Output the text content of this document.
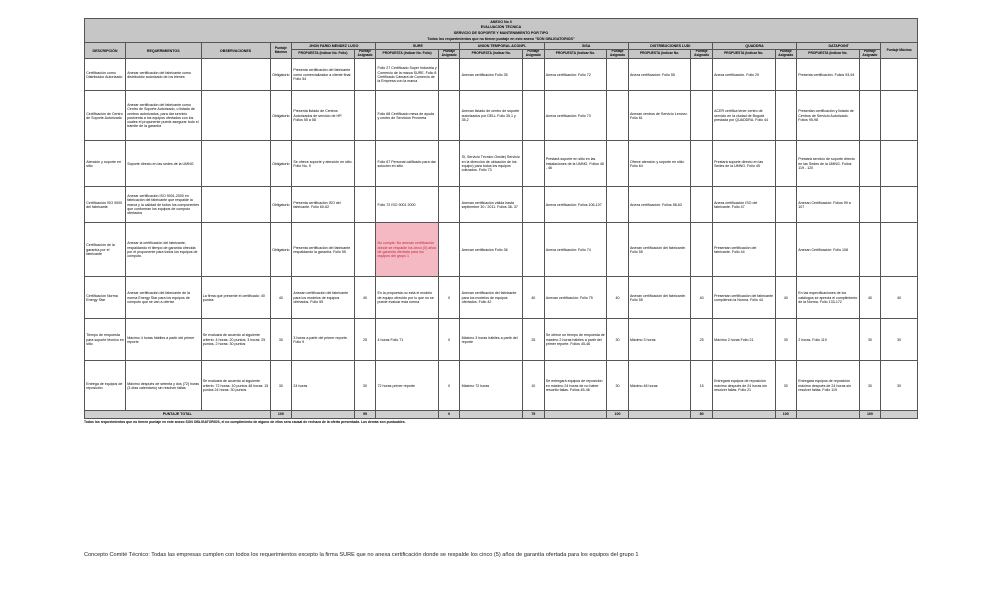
ANEXO No 3																		
EVALUACIÓN TÉCNICA																		
SERVICIO DE SOPORTE Y MANTENIMIENTO POR TIPO																		
Todos los requerimientos que no tienen puntaje en este anexo "SON OBLIGATORIOS"																		
DESCRIPCIÓN	REQUERIMIENTOS	OBSERVACIONES	Puntaje Máximo	JHON FARID MENDEZ LUGO		SURE		UNION TEMPORAL ACONFI-		SISA		DISTRIBUCIONES LUDI		QUADDRA		DATAPOINT		Puntaje Máximo
				PROPUESTA (Indicar No. Folio)	Puntaje Asignado	PROPUESTA (Indicar No. Folio)	Puntaje Asignado	PROPUESTA (Indicar No.	Puntaje Asignado	PROPUESTA (Indicar No.	Puntaje Asignado	PROPUESTA (Indicar No.	Puntaje Asignado	PROPUESTA (Indicar No.	Puntaje Asignado	PROPUESTA (Indicar No.	Puntaje Asignado	
Certificación como Distribuidor Autorizado	Anexar certificación del fabricante como distribuidor autorizado de los bienes		Obligatorio	Presenta certificación del fabricante como comercializador a cliente final. Folio 54		Folio 27 Certificado Super Industria y Comercio de la marca SURE. Folio 8 Certificado Cámara de Comercio de la Empresa con la marca		Anexan certificación Folio 35		Anexa certificación: Folio 72		Anexa certificación: Folio 55		Anexa certificación. Folio 29		Presenta certificación. Folios 93-94		
Certificación de Centro de Soporte Autorizado	Anexar certificación del fabricante como Centro de Soporte Autorizado, o listado de centros autorizados, para dar servicio postventa a los equipos ofertados con los cuales el proponente puede asegurar todo el trámite de la garantía		Obligatorio	Presenta listado de Centros Autorizados de servicio de HP. Folios 55 a 58		Folio 68 Certificado mesa de ayuda y centro de Servicios Proveeta		Anexan listado de centro de soporte autorizados por DELL Folio 35,1 y 35,2		Anexa certificación: Folio 73		Anexan centros de Servicio Lenovo: Folio 61		ACER certifica tener centro de servicio en la ciudad de Bogotá prestada por QUADDRA. Folio 44		Presentan certificación y listado de Centros de Servicio Autorizado. Folios 95-98		
Atención y soporte en sitio	Soporte directo en las sedes de la UMNG		Obligatorio	Se ofrece soporte y atención en sitio. Folio No. 9		Folio 67 Personal calificado para dar solución en sitio		SI, Servicio Técnico Onsite) Servicio en la dirección de ubicación de los equipo) para todos los equipos cotizados. Folio 73		Prestará soporte en sitio en las instalaciones de la UMNG. Folios 45 - 46		Ofrece atención y soporte en sitio: Folio 64		Prestará soporte directo en las Sedes de la UMNG. Folio 45		Prestará servicio de soporte directo en las Sedes de la UMNG. Folios 119 - 120		
Certificación ISO 9000 del fabricante	Anexar certificación ISO 9001-2000 en fabricación del fabricante que respalde la marca y la calidad de todos los componentes que conforman los equipos de computo ofertados		Obligatorio	Presenta certificación ISO del fabricante. Folio 60-62		Folio 72 ISO 9001 2000		Anexan certificación válida hasta septiembre 30 / 2011. Folios 36- 37		Anexa certificación: Folios 106-107		Anexa certificación: Folios 58-63		Anexa certificación ISO del fabricante. Folio 47		Anexan Certificación: Folios 99 a 107		
Certificación de la garantía por el fabricante	Anexar la certificación del fabricante, respaldando el tiempo de garantía ofrecida por el proponente para todos los equipos de cómputo.		Obligatorio	Presenta certificación del fabricante respaldando la garantía. Folio 55		No cumple: No anexan certificación donde se respalde los cinco (5) años de garantía ofertada para los equipos del grupo 1		Anexan certificación Folio 36		Anexa certificación: Folio 74		Anexan certificación del fabricante: Folio 55		Presentan certificación del fabricante. Folio 44		Anexan Certificación: Folio 108		
Certificación Norma Energy Star	Anexar certificación del fabricante de la norma Energy Star para los equipos de computo que se van a ofertar	La firma que presente el certificado: 40 puntos	40	Anexan certificación del fabricante para los modelos de equipos ofertados. Folio 55	40	En la propuesta no está el modelo de equipo ofrecido por lo que no se puede evaluar esta norma	0	Anexan certificación del fabricante para los modelos de equipos ofertados. Folio 42	40	Anexan certificación: Folio 75	40	Anexan certificación del fabricante: Folio 55	40	Presentan certificación del fabricante cumpliendo la Norma. Folio 44	40	En las especificaciones de los catálogos se aprecia el cumplimiento de la Norma. Folio 133-172	40	40
Tiempo de respuesta para soporte técnico en sitio	Máximo 4 horas hábiles a partir del primer reporte	Se evaluará de acuerdo al siguiente criterio: 4 horas: 20 puntos; 3 horas: 25 puntos, 2 horas: 30 puntos	30	3 horas a partir del primer reporte. Folio 9	25	4 horas Folio 71	0	Máximo 3 horas hábiles a partir del reporte	25	Se ofrece un tiempo de respuesta de máximo 2 horas hábiles a partir del primer reporte. Folios 45-46	30	Máximo 3 horas	25	Máximo 2 horas Folio 21	30	2 horas. Folio 119	30	30
Entrega de equipos de reposición	Máximo después de setenta y dos (72) horas (3 días calendario) sin resolver fallas	Se evaluará de acuerdo al siguiente criterio: 72 horas: 10 puntos 48 horas: 15 puntos 24 horas: 30 puntos	30	24 horas	30	72 horas primer reporte	0	Máximo 72 horas	10	Se entregará equipos de reposición en máximo 24 horas de no haber resuelto fallas. Folios 45-46	30	Máximo 48 horas	15	Entregará equipos de reposición máximo después de 24 horas sin resolver fallas. Folio 21	30	Entregará equipos de reposición máximo después de 24 horas sin resolver fallas. Folio 119	30	30
PUNTAJE TOTAL			100		95		0		75		100		80		100		100	
Todos los requerimientos que no tienen puntaje en este anexo SON OBLIGATORIOS, el no cumplimiento de alguno de ellos sera causal de rechazo de la oferta presentada. Los demás son puntuables.
Concepto Comité Técnico: Todas las empresas cumplen con todos los requerimientos excepto la firma SURE que no anexa certificación donde se respalde los cinco (5) años de garantía ofertada para los equipos del grupo 1
